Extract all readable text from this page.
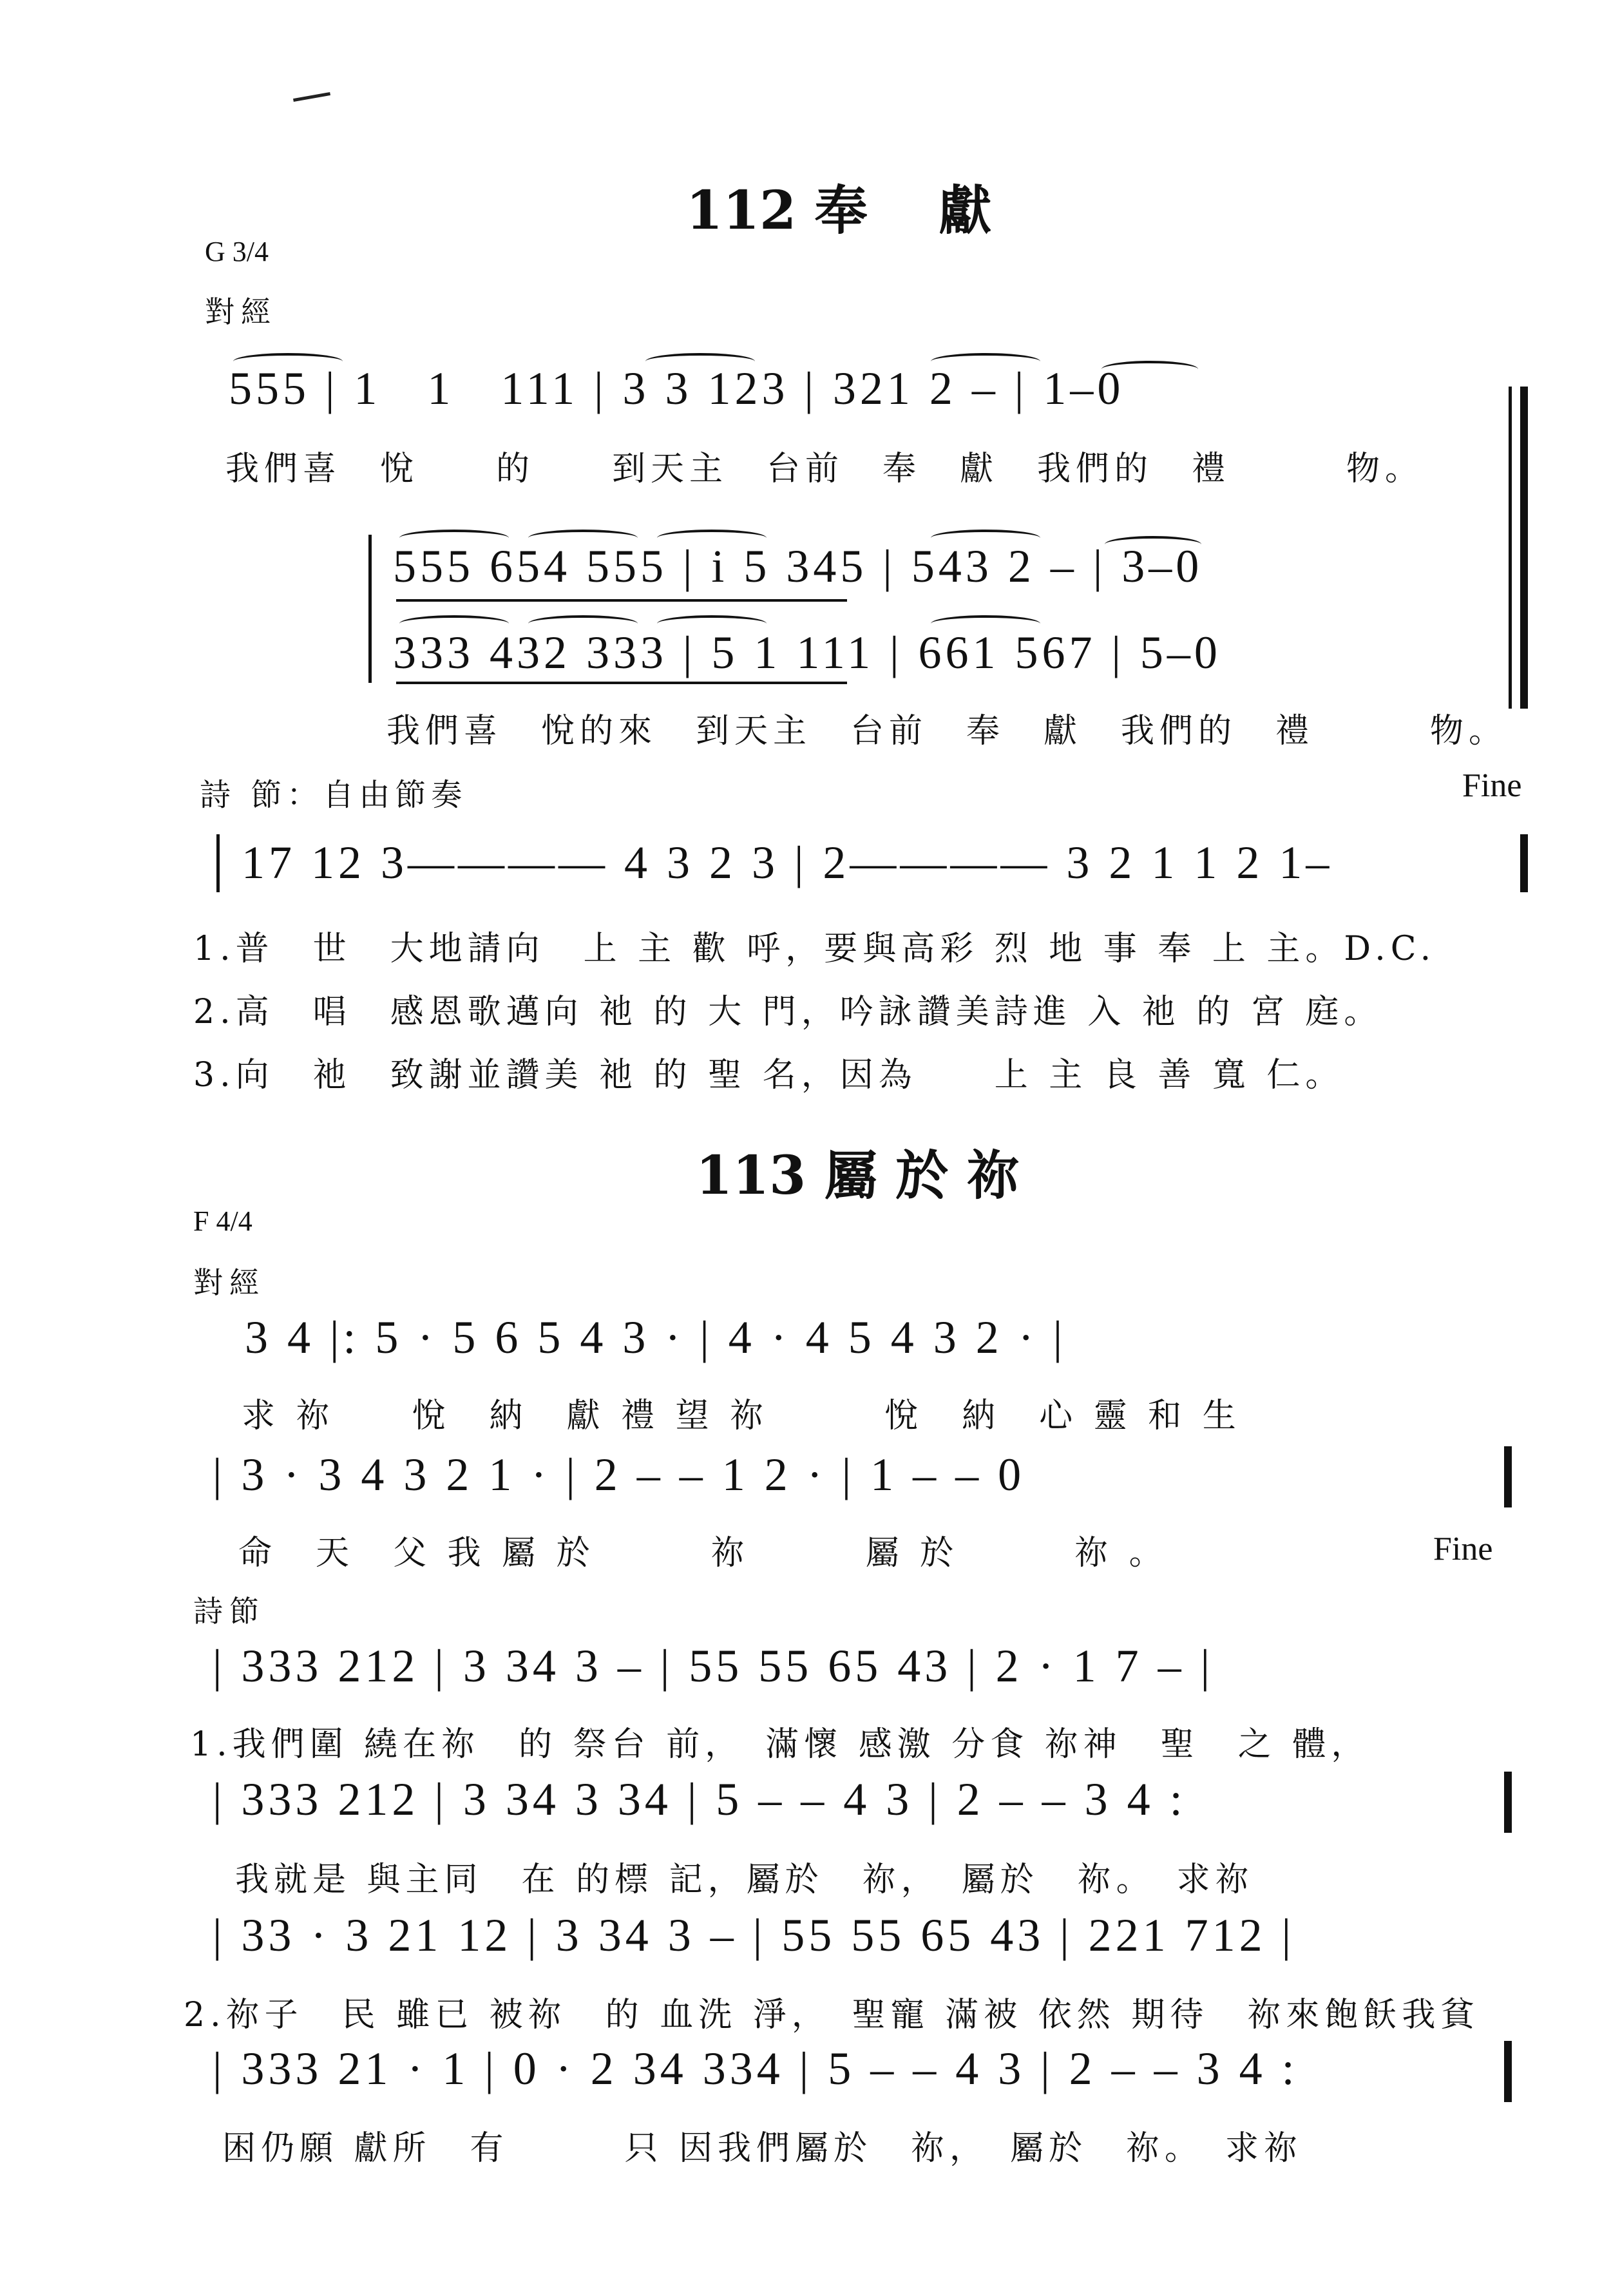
112 奉　 獻
G 3/4
對經
555 | 1   1   111 | 3 3 123 | 321 2 – | 1–0
我們喜　悅　　的　　到天主　台前　奉　獻　我們的　禮　　　物。
555 654 555 | i 5 345 | 543 2 – | 3–0
333 432 333 | 5 1 111 | 661 567 | 5–0
我們喜　悅的來　到天主　台前　奉　獻　我們的　禮　　　物。
詩 節：自由節奏	Fine
17 12 3———— 4 3 2 3 | 2———— 3 2 1 1 2 1–
1.普　世　大地請向　上 主 歡 呼，要與高彩 烈 地 事 奉 上 主。D.C.
2.高　唱　感恩歌邁向 祂 的 大 門，吟詠讚美詩進 入 祂 的 宮 庭。
3.向　祂　致謝並讚美 祂 的 聖 名，因為　　上 主 良 善 寬 仁。
113 屬 於 祢
F 4/4
對經
3 4 |: 5 · 5 6 5 4 3 · | 4 · 4 5 4 3 2 · |
求 祢　　悅　納　獻 禮 望 祢　　　悅　納　心 靈 和 生
| 3 · 3 4 3 2 1 · | 2 – – 1 2 · | 1 – – 0
命　天　父 我 屬 於　　　祢　　　屬 於　　　祢 。	Fine
詩節
| 333 212 | 3 34 3 – | 55 55 65 43 | 2 · 1 7 – |
1.我們圍 繞在祢　的 祭台 前，　滿懷 感激 分食 祢神　聖　之 體，
| 333 212 | 3 34 3 34 | 5 – – 4 3 | 2 – – 3 4 :
我就是 與主同　在 的標 記，屬於　祢，　屬於　祢。　求祢
| 33 · 3 21 12 | 3 34 3 – | 55 55 65 43 | 221 712 |
2.祢子　民 雖已 被祢　的 血洗 淨，　聖寵 滿被 依然 期待　祢來飽飫我貧
| 333 21 · 1 | 0 · 2 34 334 | 5 – – 4 3 | 2 – – 3 4 :
困仍願 獻所　有　　　只 因我們屬於　祢，　屬於　祢。　求祢
